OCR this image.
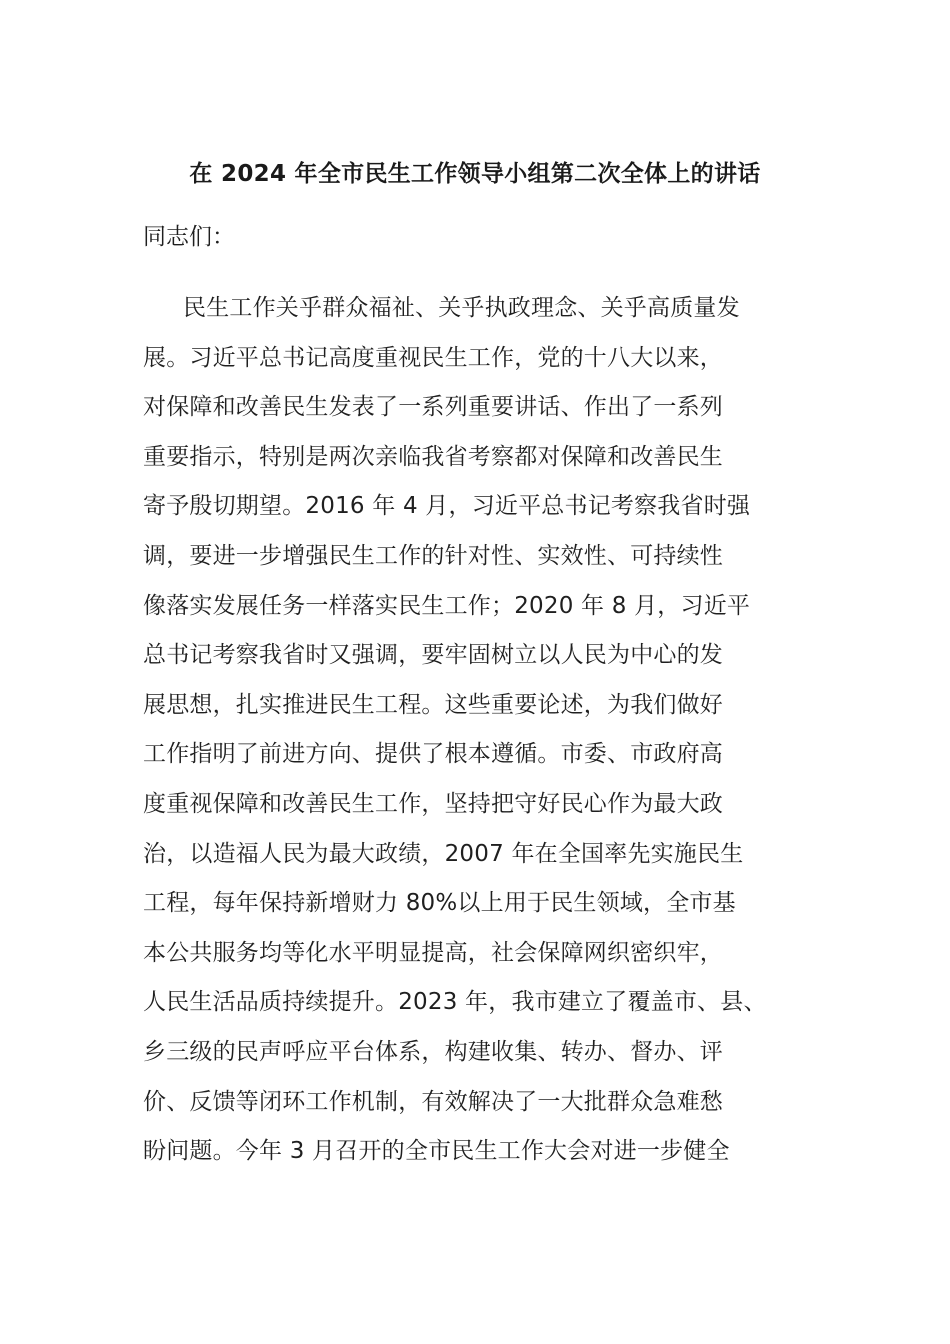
在 2024 年全市民生工作领导小组第二次全体上的讲话
同志们：
民生工作关乎群众福祉、关乎执政理念、关乎高质量发
展。习近平总书记高度重视民生工作，党的十八大以来，
对保障和改善民生发表了一系列重要讲话、作出了一系列
重要指示，特别是两次亲临我省考察都对保障和改善民生
寄予殷切期望。2016 年 4 月，习近平总书记考察我省时强
调，要进一步增强民生工作的针对性、实效性、可持续性
像落实发展任务一样落实民生工作；2020 年 8 月，习近平
总书记考察我省时又强调，要牢固树立以人民为中心的发
展思想，扎实推进民生工程。这些重要论述，为我们做好
工作指明了前进方向、提供了根本遵循。市委、市政府高
度重视保障和改善民生工作，坚持把守好民心作为最大政
治，以造福人民为最大政绩，2007 年在全国率先实施民生
工程，每年保持新增财力 80%以上用于民生领域，全市基
本公共服务均等化水平明显提高，社会保障网织密织牢，
人民生活品质持续提升。2023 年，我市建立了覆盖市、县、
乡三级的民声呼应平台体系，构建收集、转办、督办、评
价、反馈等闭环工作机制，有效解决了一大批群众急难愁
盼问题。今年 3 月召开的全市民生工作大会对进一步健全
